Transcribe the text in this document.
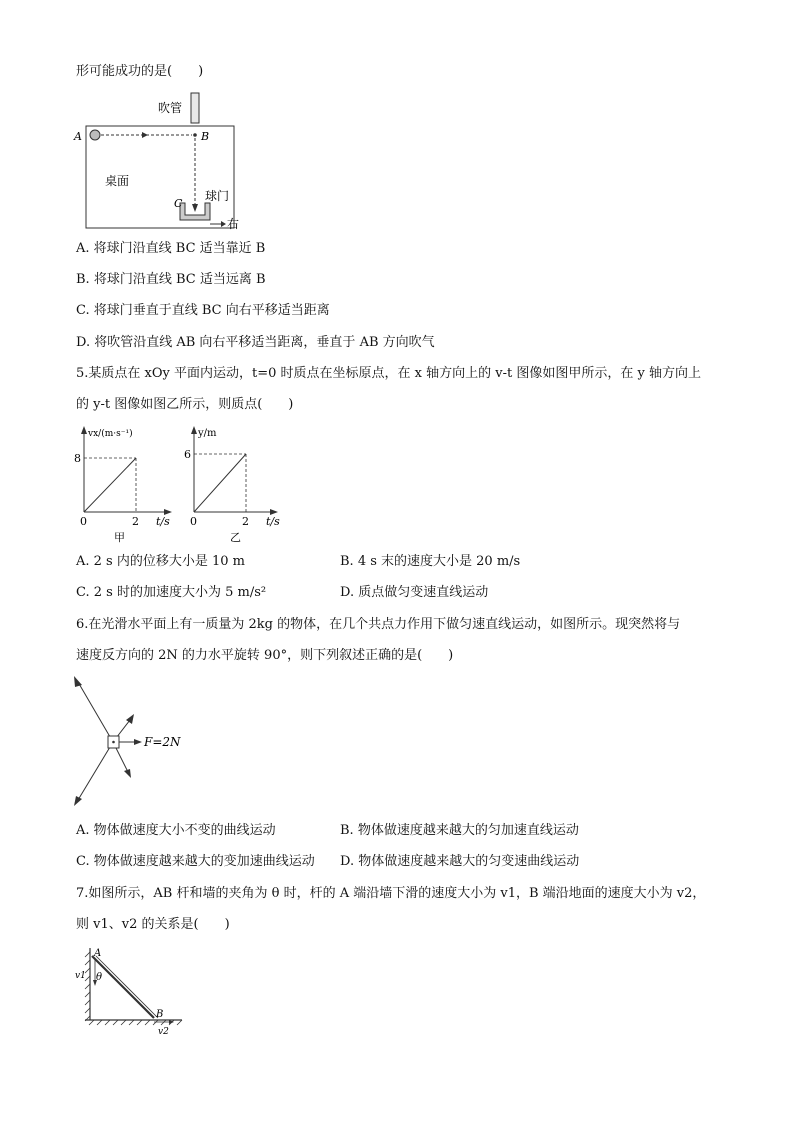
形可能成功的是(　　)
吹管
A	B
C
球门
桌面
右
A. 将球门沿直线 BC 适当靠近 B
B. 将球门沿直线 BC 适当远离 B
C. 将球门垂直于直线 BC 向右平移适当距离
D. 将吹管沿直线 AB 向右平移适当距离，垂直于 AB 方向吹气
5.某质点在 xOy 平面内运动，t=0 时质点在坐标原点，在 x 轴方向上的 v-t 图像如图甲所示，在 y 轴方向上
的 y-t 图像如图乙所示，则质点(　　)
vx/(m·s⁻¹)
8
0	2 t/s
甲
y/m
6
0	2 t/s
乙
A. 2 s 内的位移大小是 10 m	B. 4 s 末的速度大小是 20 m/s
C. 2 s 时的加速度大小为 5 m/s²	D. 质点做匀变速直线运动
6.在光滑水平面上有一质量为 2kg 的物体，在几个共点力作用下做匀速直线运动，如图所示。现突然将与
速度反方向的 2N 的力水平旋转 90°，则下列叙述正确的是(　　)
F=2N
A. 物体做速度大小不变的曲线运动	B. 物体做速度越来越大的匀加速直线运动
C. 物体做速度越来越大的变加速曲线运动 D. 物体做速度越来越大的匀变速曲线运动
7.如图所示，AB 杆和墙的夹角为 θ 时，杆的 A 端沿墙下滑的速度大小为 v1，B 端沿地面的速度大小为 v2，
则 v1、v2 的关系是(　　)
A
θ
v1
B
v2
